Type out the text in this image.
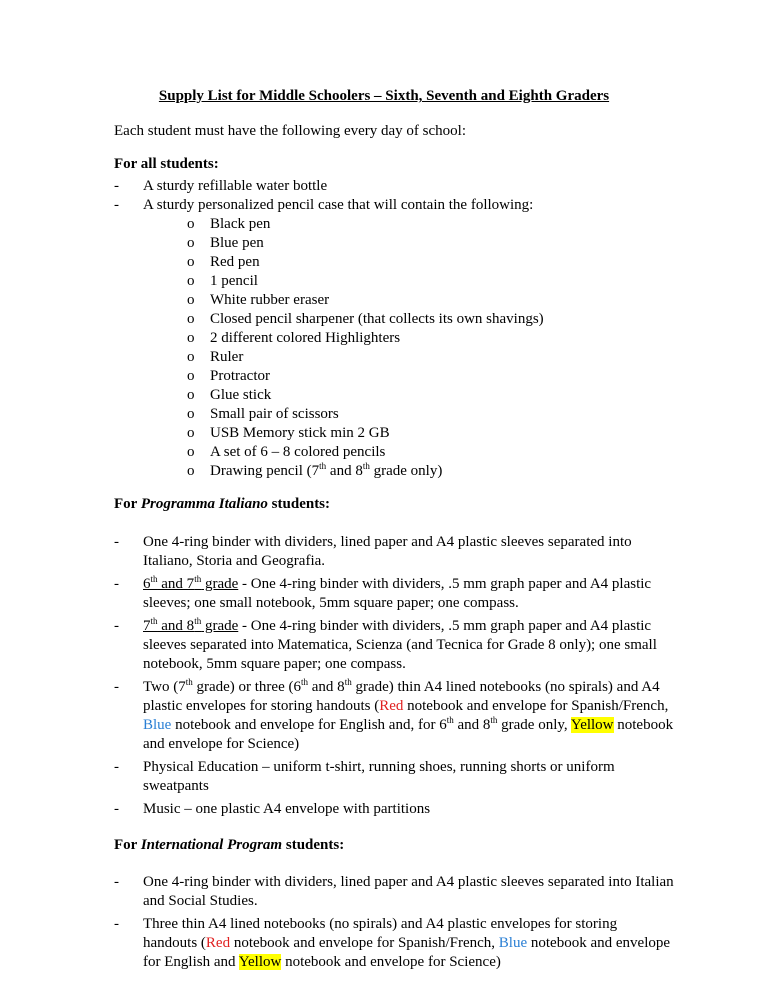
Supply List for Middle Schoolers – Sixth, Seventh and Eighth Graders
Each student must have the following every day of school:
For all students:
- A sturdy refillable water bottle
- A sturdy personalized pencil case that will contain the following:
o Black pen
o Blue pen
o Red pen
o 1 pencil
o White rubber eraser
o Closed pencil sharpener (that collects its own shavings)
o 2 different colored Highlighters
o Ruler
o Protractor
o Glue stick
o Small pair of scissors
o USB Memory stick min 2 GB
o A set of 6 – 8 colored pencils
o Drawing pencil (7th and 8th grade only)
For Programma Italiano students:
- One 4-ring binder with dividers, lined paper and A4 plastic sleeves separated into Italiano, Storia and Geografia.
- 6th and 7th grade - One 4-ring binder with dividers, .5 mm graph paper and A4 plastic sleeves; one small notebook, 5mm square paper; one compass.
- 7th and 8th grade - One 4-ring binder with dividers, .5 mm graph paper and A4 plastic sleeves separated into Matematica, Scienza (and Tecnica for Grade 8 only); one small notebook, 5mm square paper; one compass.
- Two (7th grade) or three (6th and 8th grade) thin A4 lined notebooks (no spirals) and A4 plastic envelopes for storing handouts (Red notebook and envelope for Spanish/French, Blue notebook and envelope for English and, for 6th and 8th grade only, Yellow notebook and envelope for Science)
- Physical Education – uniform t-shirt, running shoes, running shorts or uniform sweatpants
- Music – one plastic A4 envelope with partitions
For International Program students:
- One 4-ring binder with dividers, lined paper and A4 plastic sleeves separated into Italian and Social Studies.
- Three thin A4 lined notebooks (no spirals) and A4 plastic envelopes for storing handouts (Red notebook and envelope for Spanish/French, Blue notebook and envelope for English and Yellow notebook and envelope for Science)
